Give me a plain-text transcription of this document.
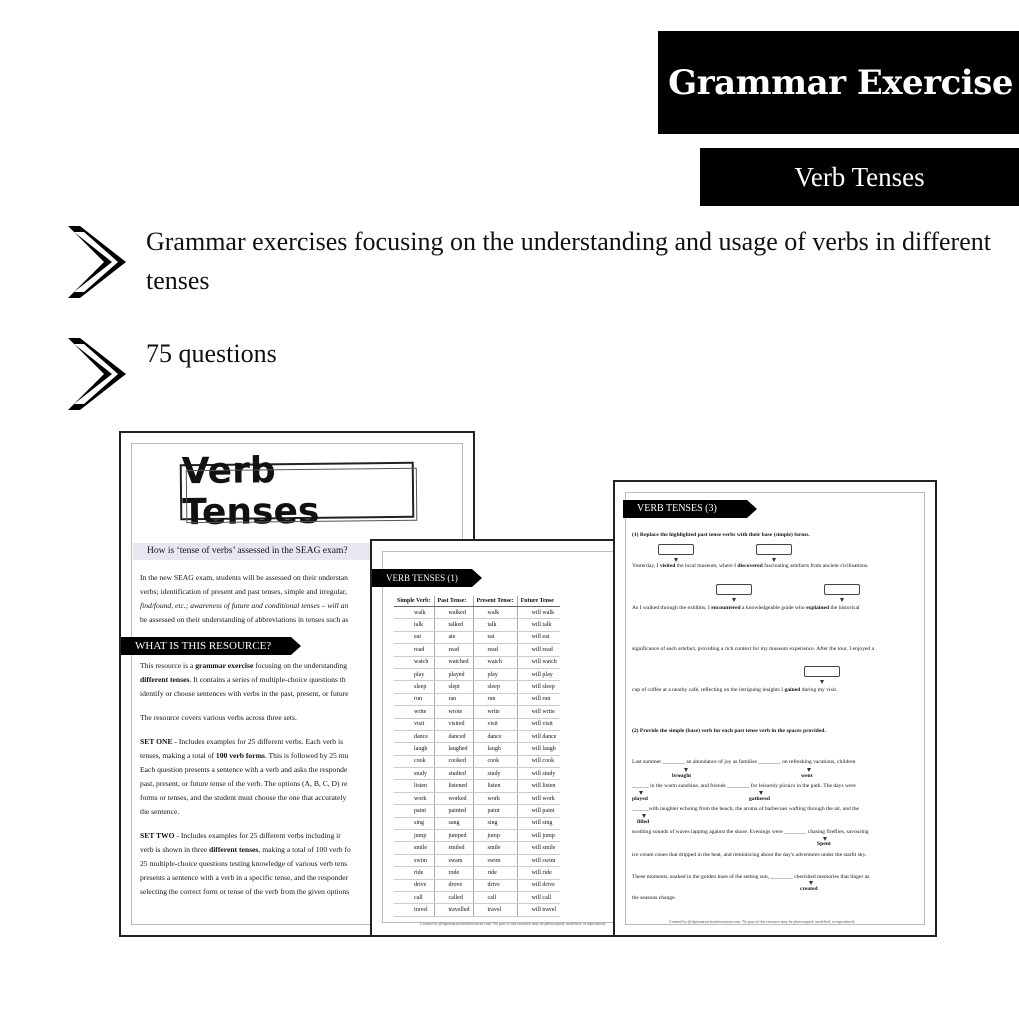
Grammar Exercise
Verb Tenses
Grammar exercises focusing on the understanding and usage of verbs in different tenses
75 questions
Verb Tenses
How is ‘tense of verbs’ assessed in the SEAG exam?
In the new SEAG exam, students will be assessed on their understan
verbs; identification of present and past tenses, simple and irregular,
find/found, etc.; awareness of future and conditional tenses – will an
be assessed on their understanding of abbreviations in tenses such as
WHAT IS THIS RESOURCE?
This resource is a grammar exercise focusing on the understanding
different tenses. It contains a series of multiple-choice questions th
identify or choose sentences with verbs in the past, present, or future
The resource covers various verbs across three sets.
SET ONE - Includes examples for 25 different verbs. Each verb is
tenses, making a total of 100 verb forms. This is followed by 25 mu
Each question presents a sentence with a verb and asks the responde
past, present, or future tense of the verb. The options (A, B, C, D) re
forms or tenses, and the student must choose the one that accurately
the sentence.
SET TWO - Includes examples for 25 different verbs including ir
verb is shown in three different tenses, making a total of 100 verb fo
25 multiple-choice questions testing knowledge of various verb tens
presents a sentence with a verb in a specific tense, and the responder
selecting the correct form or tense of the verb from the given options
VERB TENSES (1)
Simple Verb:	Past Tense:	Present Tense:	Future Tense
walk	walked	walk	will walk
talk	talked	talk	will talk
eat	ate	eat	will eat
read	read	read	will read
watch	watched	watch	will watch
play	played	play	will play
sleep	slept	sleep	will sleep
run	ran	run	will run
write	wrote	write	will write
visit	visited	visit	will visit
dance	danced	dance	will dance
laugh	laughed	laugh	will laugh
cook	cooked	cook	will cook
study	studied	study	will study
listen	listened	listen	will listen
work	worked	work	will work
paint	painted	paint	will paint
sing	sang	sing	will sing
jump	jumped	jump	will jump
smile	smiled	smile	will smile
swim	swam	swim	will swim
ride	rode	ride	will ride
drive	drove	drive	will drive
call	called	call	will call
travel	travelled	travel	will travel
Created by @elprimaryschoolresources.com. No part of this resource may be photocopied, modified, or reproduced.
VERB TENSES (3)
(1) Replace the highlighted past tense verbs with their base (simple) forms.
Yesterday, I visited the local museum, where I discovered fascinating artefacts from ancient civilisations.
As I walked through the exhibits, I encountered a knowledgeable guide who explained the historical
significance of each artefact, providing a rich context for my museum experience. After the tour, I enjoyed a
cup of coffee at a nearby café, reflecting on the intriguing insights I gained during my visit.
(2) Provide the simple (base) verb for each past tense verb in the spaces provided.
Last summer ________ an abundance of joy as families ________ on refreshing vacations, children
brought	went
______ in the warm sunshine, and friends ________ for leisurely picnics in the park. The days were
played	gathered
______with laughter echoing from the beach, the aroma of barbecues wafting through the air, and the
filled
soothing sounds of waves lapping against the shore. Evenings were ________ chasing fireflies, savouring
Spent
ice cream cones that dripped in the heat, and reminiscing about the day's adventures under the starlit sky.
These moments, soaked in the golden hues of the setting sun, ________ cherished memories that linger as
created
the seasons change.
Created by @elprimaryschoolresources.com. No part of this resource may be photocopied, modified, or reproduced.
